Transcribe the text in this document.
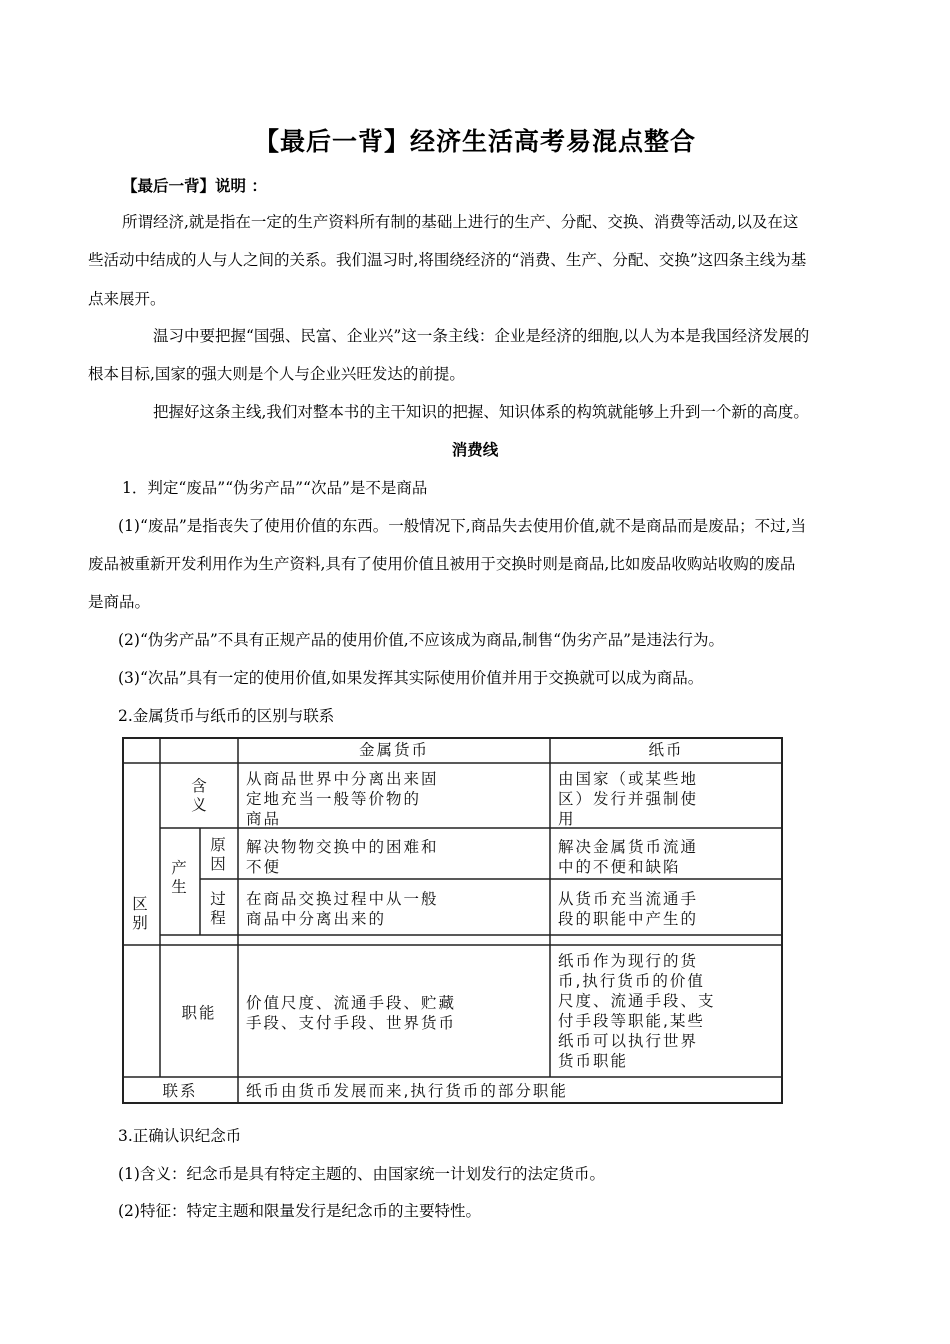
【最后一背】经济生活高考易混点整合
【最后一背】说明 ：
所谓经济,就是指在一定的生产资料所有制的基础上进行的生产、分配、交换、消费等活动,以及在这
些活动中结成的人与人之间的关系。我们温习时,将围绕经济的“消费、生产、分配、交换”这四条主线为基
点来展开。
温习中要把握“国强、民富、企业兴”这一条主线：企业是经济的细胞,以人为本是我国经济发展的
根本目标,国家的强大则是个人与企业兴旺发达的前提。
把握好这条主线,我们对整本书的主干知识的把握、知识体系的构筑就能够上升到一个新的高度。
消费线
1．判定“废品”“伪劣产品”“次品”是不是商品
(1)“废品”是指丧失了使用价值的东西。一般情况下,商品失去使用价值,就不是商品而是废品；不过,当
废品被重新开发利用作为生产资料,具有了使用价值且被用于交换时则是商品,比如废品收购站收购的废品
是商品。
(2)“伪劣产品”不具有正规产品的使用价值,不应该成为商品,制售“伪劣产品”是违法行为。
(3)“次品”具有一定的使用价值,如果发挥其实际使用价值并用于交换就可以成为商品。
2.金属货币与纸币的区别与联系
金属货币	纸币
区别
含义
从商品世界中分离出来固
定地充当一般等价物的
商品
由国家（或某些地
区）发行并强制使
用
产生
原因
解决物物交换中的困难和
不便
解决金属货币流通
中的不便和缺陷
过程
在商品交换过程中从一般
商品中分离出来的
从货币充当流通手
段的职能中产生的
职能
价值尺度、流通手段、贮藏
手段、支付手段、世界货币
纸币作为现行的货
币,执行货币的价值
尺度、流通手段、支
付手段等职能,某些
纸币可以执行世界
货币职能
联系	纸币由货币发展而来,执行货币的部分职能
3.正确认识纪念币
(1)含义：纪念币是具有特定主题的、由国家统一计划发行的法定货币。
(2)特征：特定主题和限量发行是纪念币的主要特性。
